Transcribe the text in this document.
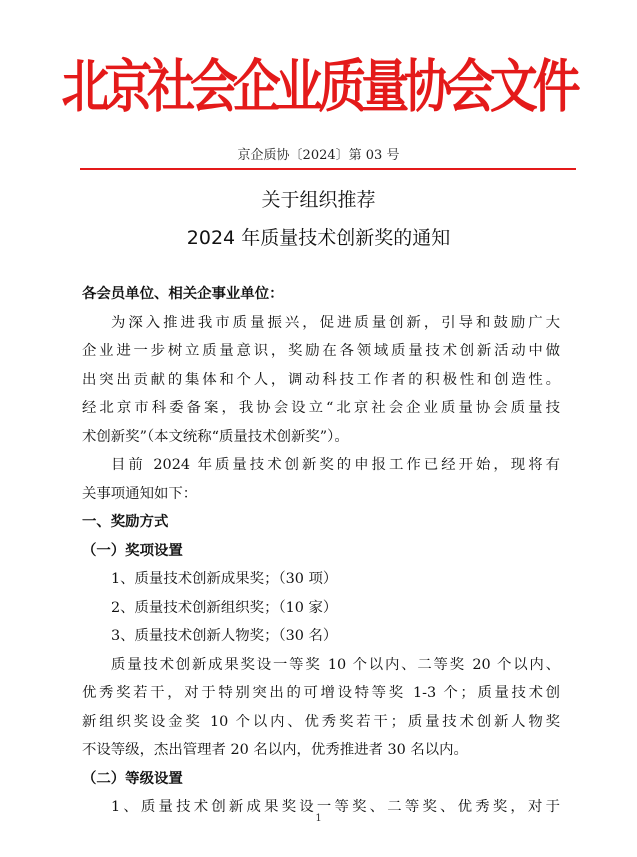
北京社会企业质量协会文件
京企质协〔2024〕第 03 号
关于组织推荐
2024 年质量技术创新奖的通知
各会员单位、相关企事业单位：
为深入推进我市质量振兴，促进质量创新，引导和鼓励广大
企业进一步树立质量意识，奖励在各领域质量技术创新活动中做
出突出贡献的集体和个人，调动科技工作者的积极性和创造性。
经北京市科委备案，我协会设立“北京社会企业质量协会质量技
术创新奖”（本文统称“质量技术创新奖”）。
目前 2024 年质量技术创新奖的申报工作已经开始，现将有
关事项通知如下：
一、奖励方式
（一）奖项设置
1、质量技术创新成果奖；（30 项）
2、质量技术创新组织奖；（10 家）
3、质量技术创新人物奖；（30 名）
质量技术创新成果奖设一等奖 10 个以内、二等奖 20 个以内、
优秀奖若干，对于特别突出的可增设特等奖 1-3 个；质量技术创
新组织奖设金奖 10 个以内、优秀奖若干；质量技术创新人物奖
不设等级，杰出管理者 20 名以内，优秀推进者 30 名以内。
（二）等级设置
1、质量技术创新成果奖设一等奖、二等奖、优秀奖，对于
1
